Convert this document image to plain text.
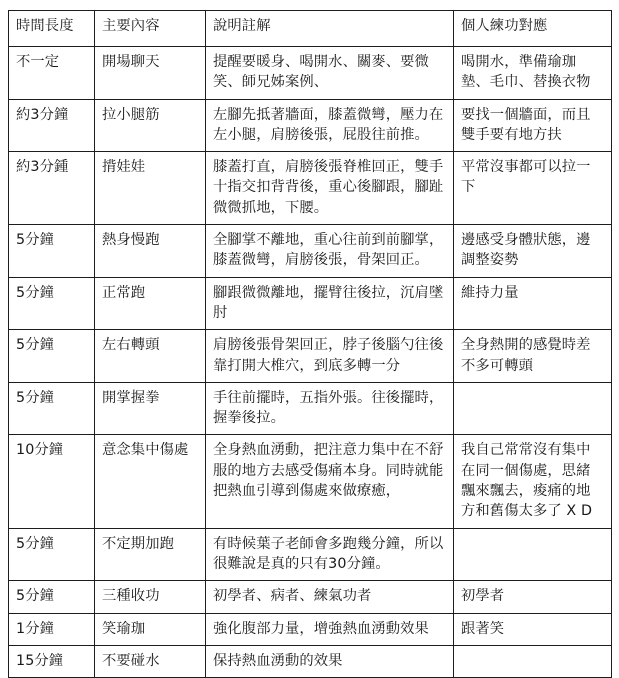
時間長度	主要內容	說明註解	個人練功對應
不一定	開場聊天	提醒要暖身、喝開水、關麥、要微笑、師兄姊案例、	喝開水，準備瑜珈墊、毛巾、替換衣物
約3分鐘	拉小腿筋	左腳先抵著牆面，膝蓋微彎，壓力在左小腿，肩膀後張，屁股往前推。	要找一個牆面，而且雙手要有地方扶
約3分鍾	揹娃娃	膝蓋打直，肩膀後張脊椎回正，雙手十指交扣背背後，重心後腳跟，腳趾微微抓地，下腰。	平常沒事都可以拉一下
5分鐘	熱身慢跑	全腳掌不離地，重心往前到前腳掌，膝蓋微彎，肩膀後張，骨架回正。	邊感受身體狀態，邊調整姿勢
5分鐘	正常跑	腳跟微微離地，擺臂往後拉，沉肩墜肘	維持力量
5分鐘	左右轉頭	肩膀後張骨架回正，脖子後腦勺往後靠打開大椎穴，到底多轉一分	全身熱開的感覺時差不多可轉頭
5分鐘	開掌握拳	手往前擺時，五指外張。往後擺時，握拳後拉。	
10分鐘	意念集中傷處	全身熱血湧動，把注意力集中在不舒服的地方去感受傷痛本身。同時就能把熱血引導到傷處來做療癒，	我自己常常沒有集中在同一個傷處，思緒飄來飄去，痠痛的地方和舊傷太多了 X D
5分鐘	不定期加跑	有時候葉子老師會多跑幾分鐘，所以很難說是真的只有30分鐘。	
5分鐘	三種收功	初學者、病者、練氣功者	初學者
1分鐘	笑瑜珈	強化腹部力量，增強熱血湧動效果	跟著笑
15分鐘	不要碰水	保持熱血湧動的效果	
